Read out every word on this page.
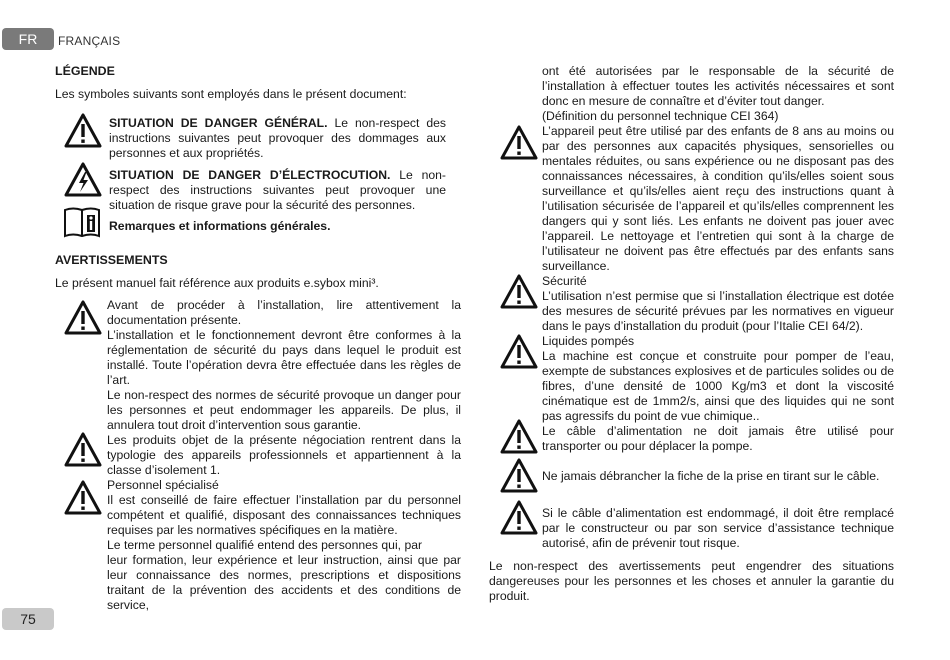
FR	FRANÇAIS
LÉGENDE
Les symboles suivants sont employés dans le présent document:

SITUATION DE DANGER GÉNÉRAL. Le non-respect des instructions suivantes peut provoquer des dommages aux personnes et aux propriétés.

SITUATION DE DANGER D’ÉLECTROCUTION. Le non-respect des instructions suivantes peut provoquer une situation de risque grave pour la sécurité des personnes.

Remarques et informations générales.

AVERTISSEMENTS
Le présent manuel fait référence aux produits e.sybox mini³.

Avant de procéder à l’installation, lire attentivement la documentation présente.

L’installation et le fonctionnement devront être conformes à la réglementation de sécurité du pays dans lequel le produit est installé. Toute l’opération devra être effectuée dans les règles de l’art.

Le non-respect des normes de sécurité provoque un danger pour les personnes et peut endommager les appareils. De plus, il annulera tout droit d’intervention sous garantie.

Les produits objet de la présente négociation rentrent dans la typologie des appareils professionnels et appartiennent à la classe d’isolement 1.

Personnel spécialisé

Il est conseillé de faire effectuer l’installation par du personnel compétent et qualifié, disposant des connaissances techniques requises par les normatives spécifiques en la matière.

Le terme personnel qualifié entend des personnes qui, par

leur formation, leur expérience et leur instruction, ainsi que par leur connaissance des normes, prescriptions et dispositions traitant de la prévention des accidents et des conditions de service,

ont été autorisées par le responsable de la sécurité de l’installation à effectuer toutes les activités nécessaires et sont donc en mesure de connaître et d’éviter tout danger.

(Définition du personnel technique CEI 364)

L’appareil peut être utilisé par des enfants de 8 ans au moins ou par des personnes aux capacités physiques, sensorielles ou mentales réduites, ou sans expérience ou ne disposant pas des connaissances nécessaires, à condition qu’ils/elles soient sous surveillance et qu’ils/elles aient reçu des instructions quant à l’utilisation sécurisée de l’appareil et qu’ils/elles comprennent les dangers qui y sont liés. Les enfants ne doivent pas jouer avec l’appareil. Le nettoyage et l’entretien qui sont à la charge de l’utilisateur ne doivent pas être effectués par des enfants sans surveillance.

Sécurité

L’utilisation n’est permise que si l’installation électrique est dotée des mesures de sécurité prévues par les normatives en vigueur dans le pays d’installation du produit (pour l’Italie CEI 64/2).

Liquides pompés

La machine est conçue et construite pour pomper de l’eau, exempte de substances explosives et de particules solides ou de fibres, d’une densité de 1000 Kg/m3 et dont la viscosité cinématique est de 1mm2/s, ainsi que des liquides qui ne sont pas agressifs du point de vue chimique..

Le câble d’alimentation ne doit jamais être utilisé pour transporter ou pour déplacer la pompe.

Ne jamais débrancher la fiche de la prise en tirant sur le câble.

Si le câble d’alimentation est endommagé, il doit être remplacé par le constructeur ou par son service d’assistance technique autorisé, afin de prévenir tout risque.

Le non-respect des avertissements peut engendrer des situations dangereuses pour les personnes et les choses et annuler la garantie du produit.

75
